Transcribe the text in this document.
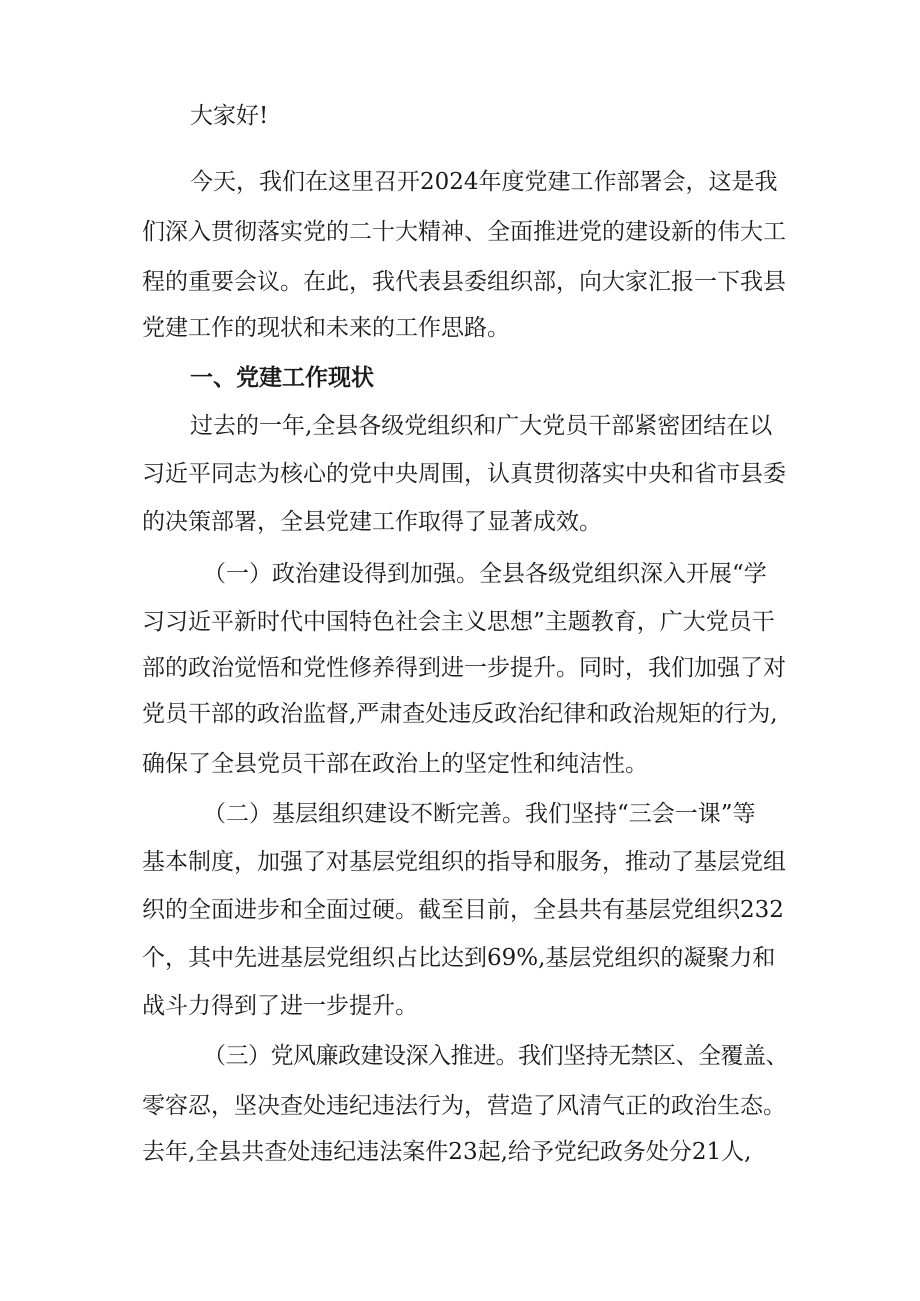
大家好!
今天，我们在这里召开2024年度党建工作部署会，这是我
们深入贯彻落实党的二十大精神、全面推进党的建设新的伟大工
程的重要会议。在此，我代表县委组织部，向大家汇报一下我县
党建工作的现状和未来的工作思路。
一、党建工作现状
过去的一年,全县各级党组织和广大党员干部紧密团结在以
习近平同志为核心的党中央周围，认真贯彻落实中央和省市县委
的决策部署，全县党建工作取得了显著成效。
（一）政治建设得到加强。全县各级党组织深入开展“学
习习近平新时代中国特色社会主义思想”主题教育，广大党员干
部的政治觉悟和党性修养得到进一步提升。同时，我们加强了对
党员干部的政治监督,严肃查处违反政治纪律和政治规矩的行为,
确保了全县党员干部在政治上的坚定性和纯洁性。
（二）基层组织建设不断完善。我们坚持“三会一课”等
基本制度，加强了对基层党组织的指导和服务，推动了基层党组
织的全面进步和全面过硬。截至目前，全县共有基层党组织232
个，其中先进基层党组织占比达到69%,基层党组织的凝聚力和
战斗力得到了进一步提升。
（三）党风廉政建设深入推进。我们坚持无禁区、全覆盖、
零容忍，坚决查处违纪违法行为，营造了风清气正的政治生态。
去年,全县共查处违纪违法案件23起,给予党纪政务处分21人,
